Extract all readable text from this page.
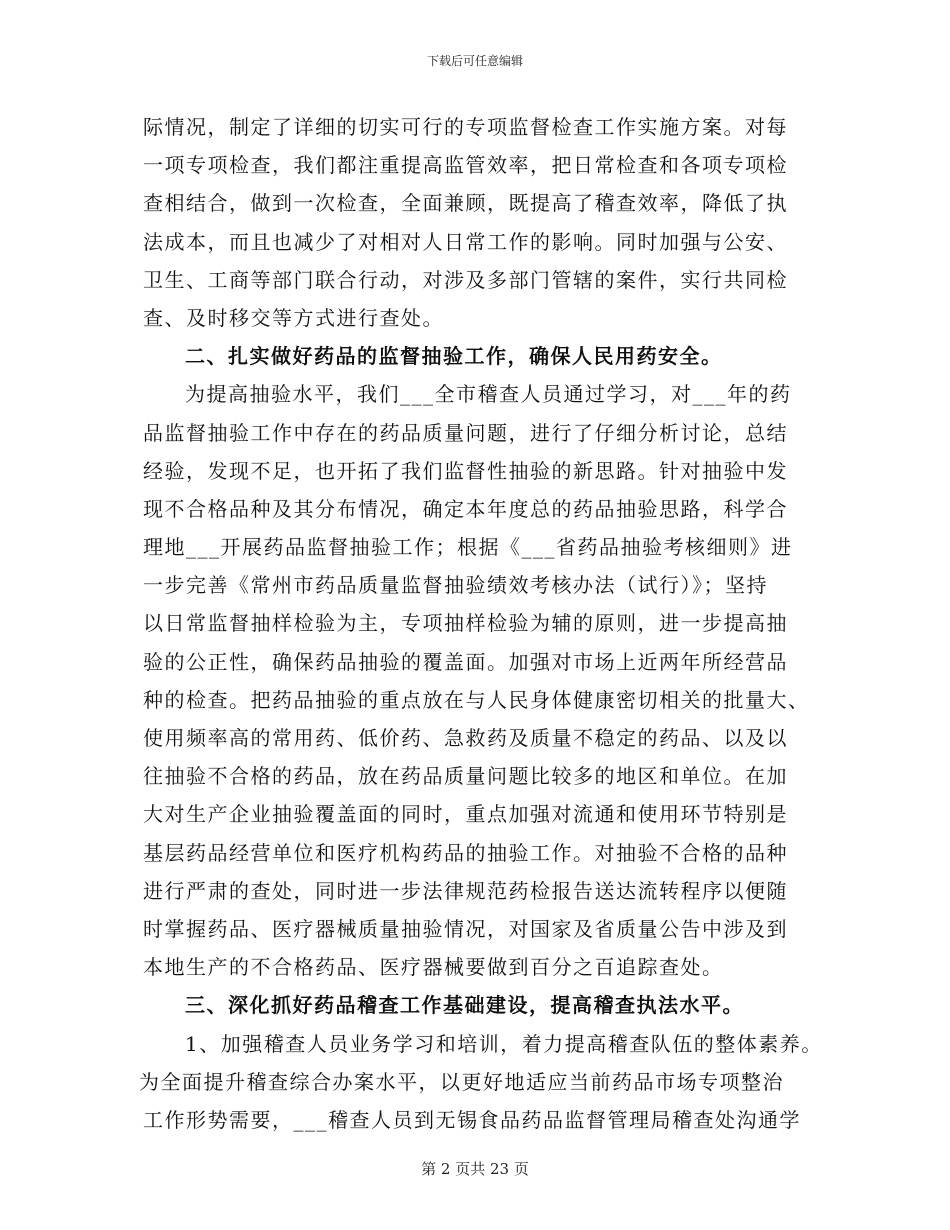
下载后可任意编辑
际情况，制定了详细的切实可行的专项监督检查工作实施方案。对每
一项专项检查，我们都注重提高监管效率，把日常检查和各项专项检
查相结合，做到一次检查，全面兼顾，既提高了稽查效率，降低了执
法成本，而且也减少了对相对人日常工作的影响。同时加强与公安、
卫生、工商等部门联合行动，对涉及多部门管辖的案件，实行共同检
查、及时移交等方式进行查处。
二、扎实做好药品的监督抽验工作，确保人民用药安全。
为提高抽验水平，我们___全市稽查人员通过学习，对___年的药
品监督抽验工作中存在的药品质量问题，进行了仔细分析讨论，总结
经验，发现不足，也开拓了我们监督性抽验的新思路。针对抽验中发
现不合格品种及其分布情况，确定本年度总的药品抽验思路，科学合
理地___开展药品监督抽验工作；根据《___省药品抽验考核细则》进
一步完善《常州市药品质量监督抽验绩效考核办法（试行）》；坚持
以日常监督抽样检验为主，专项抽样检验为辅的原则，进一步提高抽
验的公正性，确保药品抽验的覆盖面。加强对市场上近两年所经营品
种的检查。把药品抽验的重点放在与人民身体健康密切相关的批量大、
使用频率高的常用药、低价药、急救药及质量不稳定的药品、以及以
往抽验不合格的药品，放在药品质量问题比较多的地区和单位。在加
大对生产企业抽验覆盖面的同时，重点加强对流通和使用环节特别是
基层药品经营单位和医疗机构药品的抽验工作。对抽验不合格的品种
进行严肃的查处，同时进一步法律规范药检报告送达流转程序以便随
时掌握药品、医疗器械质量抽验情况，对国家及省质量公告中涉及到
本地生产的不合格药品、医疗器械要做到百分之百追踪查处。
三、深化抓好药品稽查工作基础建设，提高稽查执法水平。
1、加强稽查人员业务学习和培训，着力提高稽查队伍的整体素养。
为全面提升稽查综合办案水平，以更好地适应当前药品市场专项整治
工作形势需要，___稽查人员到无锡食品药品监督管理局稽查处沟通学
第 2 页共 23 页
